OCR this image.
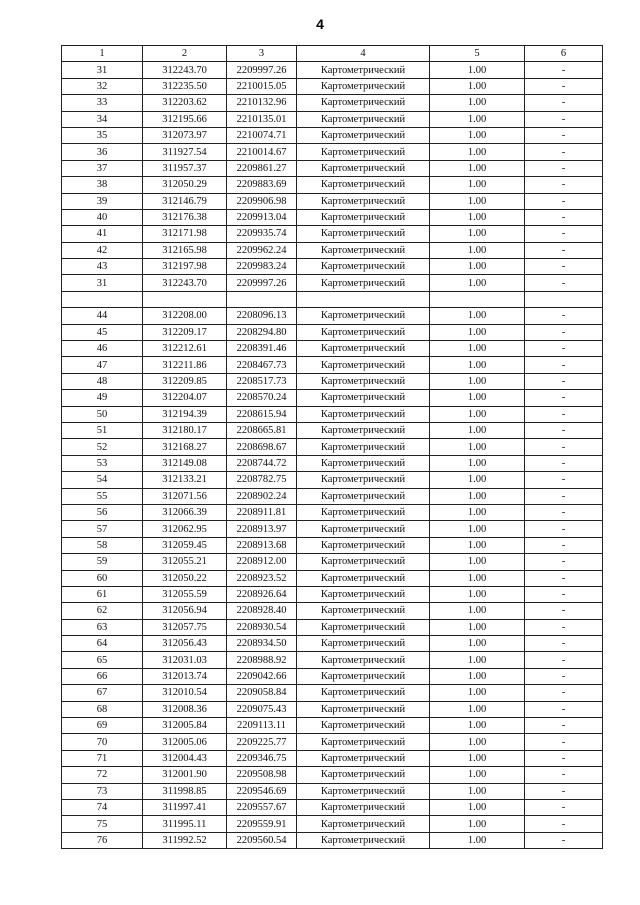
4
1	2	3	4	5	6
31	312243.70	2209997.26	Картометрический	1.00	-
32	312235.50	2210015.05	Картометрический	1.00	-
33	312203.62	2210132.96	Картометрический	1.00	-
34	312195.66	2210135.01	Картометрический	1.00	-
35	312073.97	2210074.71	Картометрический	1.00	-
36	311927.54	2210014.67	Картометрический	1.00	-
37	311957.37	2209861.27	Картометрический	1.00	-
38	312050.29	2209883.69	Картометрический	1.00	-
39	312146.79	2209906.98	Картометрический	1.00	-
40	312176.38	2209913.04	Картометрический	1.00	-
41	312171.98	2209935.74	Картометрический	1.00	-
42	312165.98	2209962.24	Картометрический	1.00	-
43	312197.98	2209983.24	Картометрический	1.00	-
31	312243.70	2209997.26	Картометрический	1.00	-

44	312208.00	2208096.13	Картометрический	1.00	-
45	312209.17	2208294.80	Картометрический	1.00	-
46	312212.61	2208391.46	Картометрический	1.00	-
47	312211.86	2208467.73	Картометрический	1.00	-
48	312209.85	2208517.73	Картометрический	1.00	-
49	312204.07	2208570.24	Картометрический	1.00	-
50	312194.39	2208615.94	Картометрический	1.00	-
51	312180.17	2208665.81	Картометрический	1.00	-
52	312168.27	2208698.67	Картометрический	1.00	-
53	312149.08	2208744.72	Картометрический	1.00	-
54	312133.21	2208782.75	Картометрический	1.00	-
55	312071.56	2208902.24	Картометрический	1.00	-
56	312066.39	2208911.81	Картометрический	1.00	-
57	312062.95	2208913.97	Картометрический	1.00	-
58	312059.45	2208913.68	Картометрический	1.00	-
59	312055.21	2208912.00	Картометрический	1.00	-
60	312050.22	2208923.52	Картометрический	1.00	-
61	312055.59	2208926.64	Картометрический	1.00	-
62	312056.94	2208928.40	Картометрический	1.00	-
63	312057.75	2208930.54	Картометрический	1.00	-
64	312056.43	2208934.50	Картометрический	1.00	-
65	312031.03	2208988.92	Картометрический	1.00	-
66	312013.74	2209042.66	Картометрический	1.00	-
67	312010.54	2209058.84	Картометрический	1.00	-
68	312008.36	2209075.43	Картометрический	1.00	-
69	312005.84	2209113.11	Картометрический	1.00	-
70	312005.06	2209225.77	Картометрический	1.00	-
71	312004.43	2209346.75	Картометрический	1.00	-
72	312001.90	2209508.98	Картометрический	1.00	-
73	311998.85	2209546.69	Картометрический	1.00	-
74	311997.41	2209557.67	Картометрический	1.00	-
75	311995.11	2209559.91	Картометрический	1.00	-
76	311992.52	2209560.54	Картометрический	1.00	-
